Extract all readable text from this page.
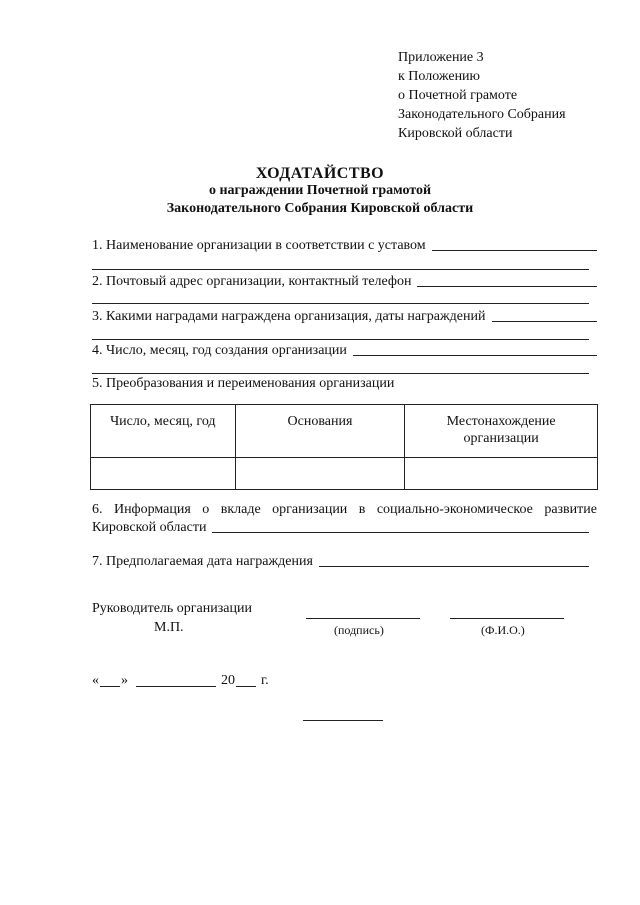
Приложение 3
к Положению
о Почетной грамоте
Законодательного Собрания
Кировской области
ХОДАТАЙСТВО
о награждении Почетной грамотой
Законодательного Собрания Кировской области
1. Наименование организации в соответствии с уставом
2. Почтовый адрес организации, контактный телефон
3. Какими наградами награждена организация, даты награждений
4. Число, месяц, год создания организации
5. Преобразования и переименования организации
Число, месяц, год	Основания	Местонахождение организации

6. Информация о вкладе организации в социально-экономическое развитие
Кировской области
7. Предполагаемая дата награждения
Руководитель организации
М.П.	(подпись)	(Ф.И.О.)
« »	20 г.
